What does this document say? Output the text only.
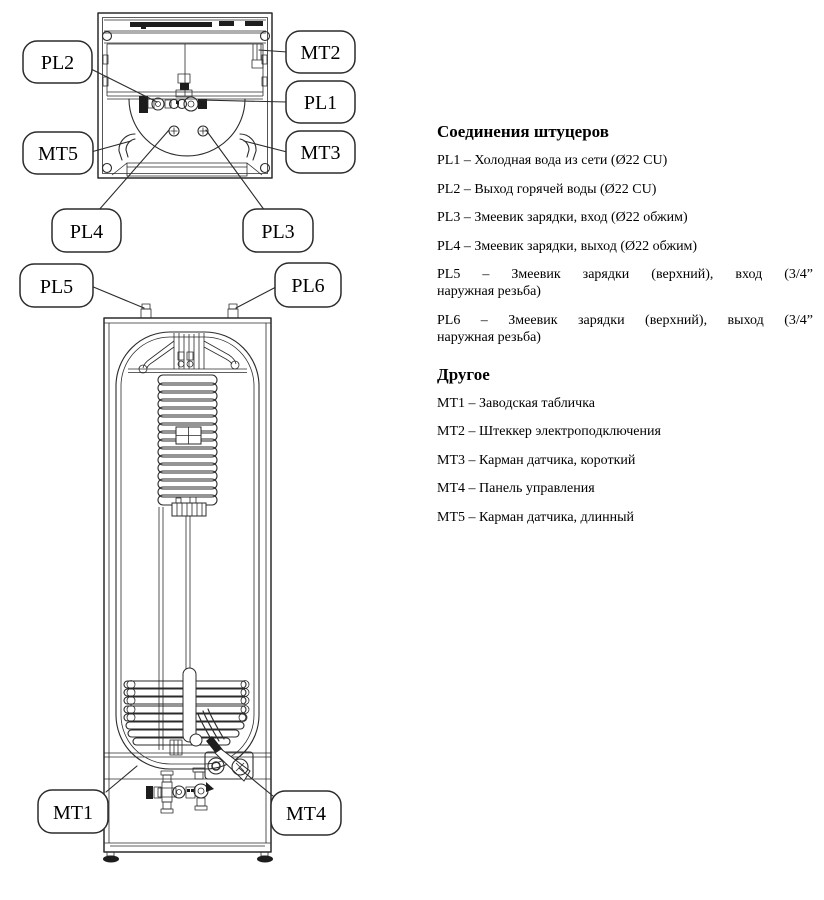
PL2	MT2
PL1
MT5	MT3
PL4	PL3
PL5	PL6
MT1	MT4
Соединения штуцеров

PL1 – Холодная вода из сети (Ø22 CU)

PL2 – Выход горячей воды (Ø22 CU)

PL3 – Змеевик зарядки, вход (Ø22 обжим)

PL4 – Змеевик зарядки, выход (Ø22 обжим)

PL5 – Змеевик зарядки (верхний), вход (3/4”
наружная резьба)

PL6 – Змеевик зарядки (верхний), выход (3/4”
наружная резьба)

Другое

MT1 – Заводская табличка

MT2 – Штеккер электроподключения

MT3 – Карман датчика, короткий

MT4 – Панель управления

MT5 – Карман датчика, длинный
